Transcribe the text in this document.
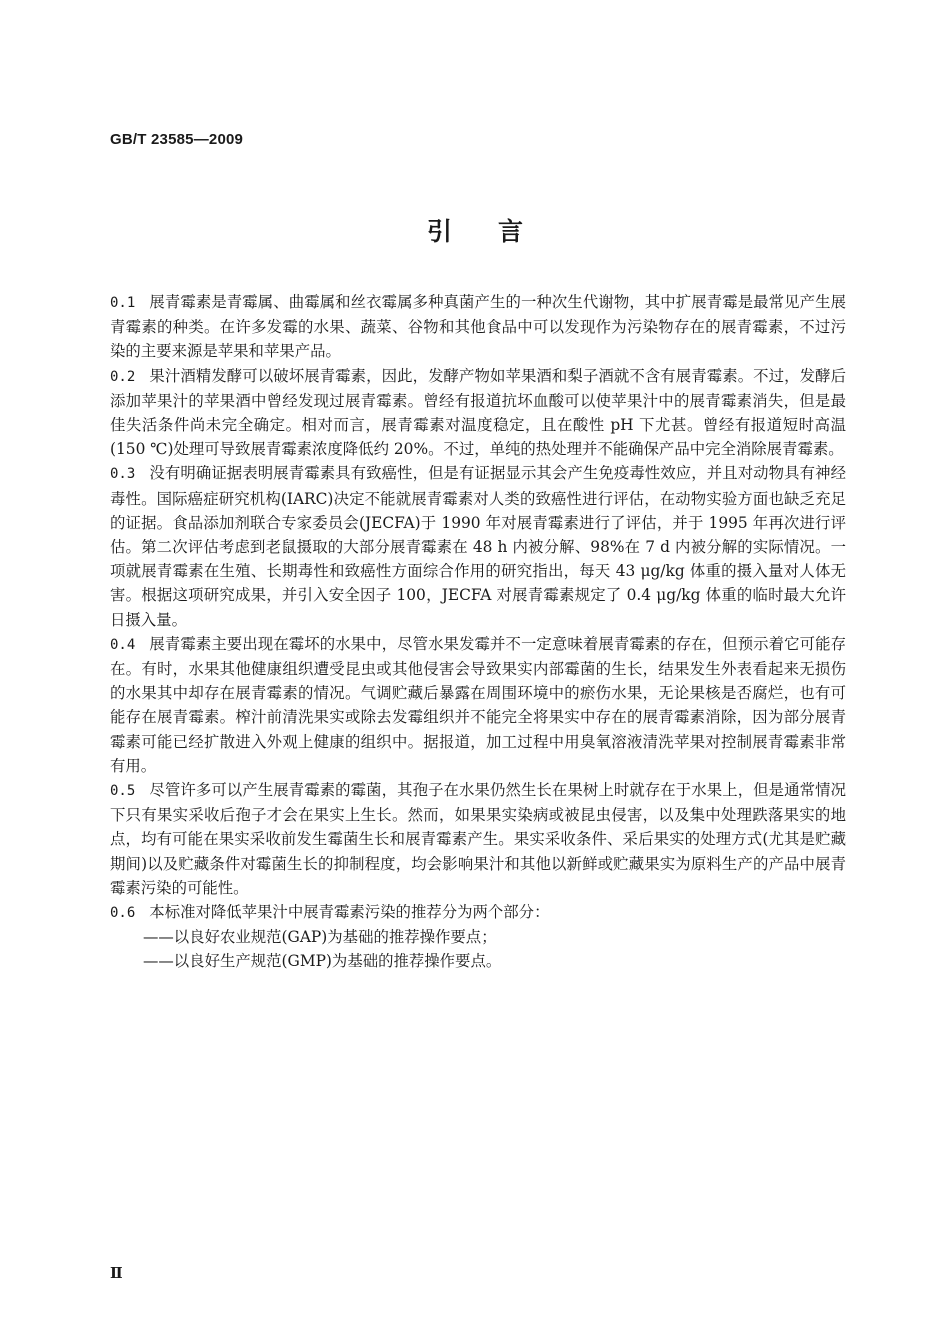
GB/T 23585—2009
引言

0.1 展青霉素是青霉属、曲霉属和丝衣霉属多种真菌产生的一种次生代谢物，其中扩展青霉是最常见产生展青霉素的种类。在许多发霉的水果、蔬菜、谷物和其他食品中可以发现作为污染物存在的展青霉素，不过污染的主要来源是苹果和苹果产品。

0.2 果汁酒精发酵可以破坏展青霉素，因此，发酵产物如苹果酒和梨子酒就不含有展青霉素。不过，发酵后添加苹果汁的苹果酒中曾经发现过展青霉素。曾经有报道抗坏血酸可以使苹果汁中的展青霉素消失，但是最佳失活条件尚未完全确定。相对而言，展青霉素对温度稳定，且在酸性 pH 下尤甚。曾经有报道短时高温(150 ℃)处理可导致展青霉素浓度降低约 20%。不过，单纯的热处理并不能确保产品中完全消除展青霉素。

0.3 没有明确证据表明展青霉素具有致癌性，但是有证据显示其会产生免疫毒性效应，并且对动物具有神经毒性。国际癌症研究机构(IARC)决定不能就展青霉素对人类的致癌性进行评估，在动物实验方面也缺乏充足的证据。食品添加剂联合专家委员会(JECFA)于 1990 年对展青霉素进行了评估，并于 1995 年再次进行评估。第二次评估考虑到老鼠摄取的大部分展青霉素在 48 h 内被分解、98%在 7 d 内被分解的实际情况。一项就展青霉素在生殖、长期毒性和致癌性方面综合作用的研究指出，每天 43 μg/kg 体重的摄入量对人体无害。根据这项研究成果，并引入安全因子 100，JECFA 对展青霉素规定了 0.4 μg/kg 体重的临时最大允许日摄入量。

0.4 展青霉素主要出现在霉坏的水果中，尽管水果发霉并不一定意味着展青霉素的存在，但预示着它可能存在。有时，水果其他健康组织遭受昆虫或其他侵害会导致果实内部霉菌的生长，结果发生外表看起来无损伤的水果其中却存在展青霉素的情况。气调贮藏后暴露在周围环境中的瘀伤水果，无论果核是否腐烂，也有可能存在展青霉素。榨汁前清洗果实或除去发霉组织并不能完全将果实中存在的展青霉素消除，因为部分展青霉素可能已经扩散进入外观上健康的组织中。据报道，加工过程中用臭氧溶液清洗苹果对控制展青霉素非常有用。

0.5 尽管许多可以产生展青霉素的霉菌，其孢子在水果仍然生长在果树上时就存在于水果上，但是通常情况下只有果实采收后孢子才会在果实上生长。然而，如果果实染病或被昆虫侵害，以及集中处理跌落果实的地点，均有可能在果实采收前发生霉菌生长和展青霉素产生。果实采收条件、采后果实的处理方式(尤其是贮藏期间)以及贮藏条件对霉菌生长的抑制程度，均会影响果汁和其他以新鲜或贮藏果实为原料生产的产品中展青霉素污染的可能性。

0.6 本标准对降低苹果汁中展青霉素污染的推荐分为两个部分：

——以良好农业规范(GAP)为基础的推荐操作要点；

——以良好生产规范(GMP)为基础的推荐操作要点。

Ⅱ
